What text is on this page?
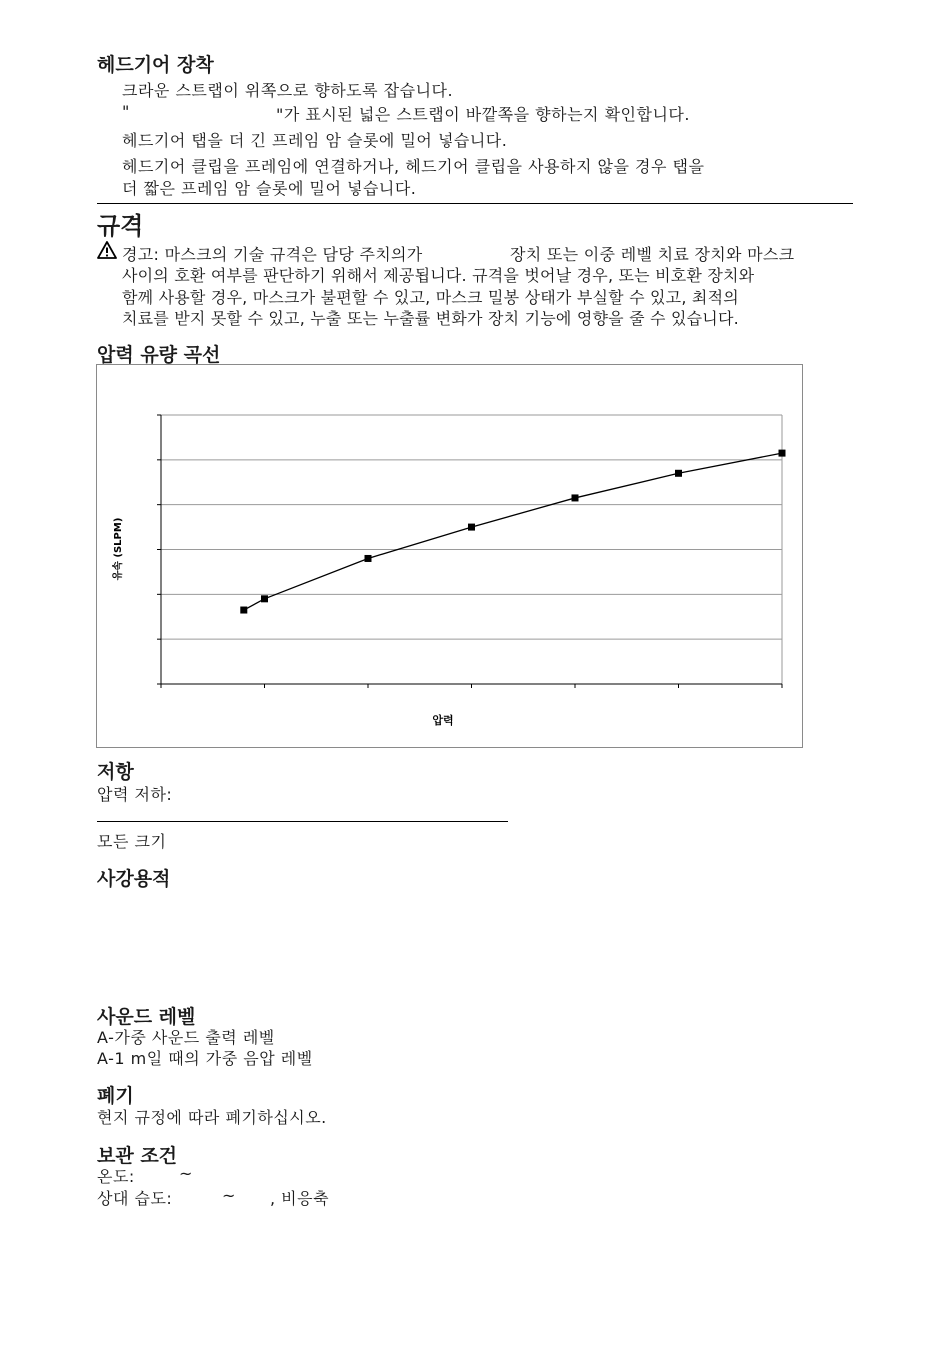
헤드기어 장착
크라운 스트랩이 위쪽으로 향하도록 잡습니다.
"	"가 표시된 넓은 스트랩이 바깥쪽을 향하는지 확인합니다.
헤드기어 탭을 더 긴 프레임 암 슬롯에 밀어 넣습니다.
헤드기어 클립을 프레임에 연결하거나, 헤드기어 클립을 사용하지 않을 경우 탭을
더 짧은 프레임 암 슬롯에 밀어 넣습니다.
규격
경고: 마스크의 기술 규격은 담당 주치의가	장치 또는 이중 레벨 치료 장치와 마스크
사이의 호환 여부를 판단하기 위해서 제공됩니다. 규격을 벗어날 경우, 또는 비호환 장치와
함께 사용할 경우, 마스크가 불편할 수 있고, 마스크 밀봉 상태가 부실할 수 있고, 최적의
치료를 받지 못할 수 있고, 누출 또는 누출률 변화가 장치 기능에 영향을 줄 수 있습니다.
압력 유량 곡선
압력
유속 (SLPM)
저항
압력 저하:
모든 크기
사강용적
사운드 레벨
A-가중 사운드 출력 레벨
A-1 m일 때의 가중 음압 레벨
폐기
현지 규정에 따라 폐기하십시오.
보관 조건
온도:	~
상대 습도:	~ , 비응축
